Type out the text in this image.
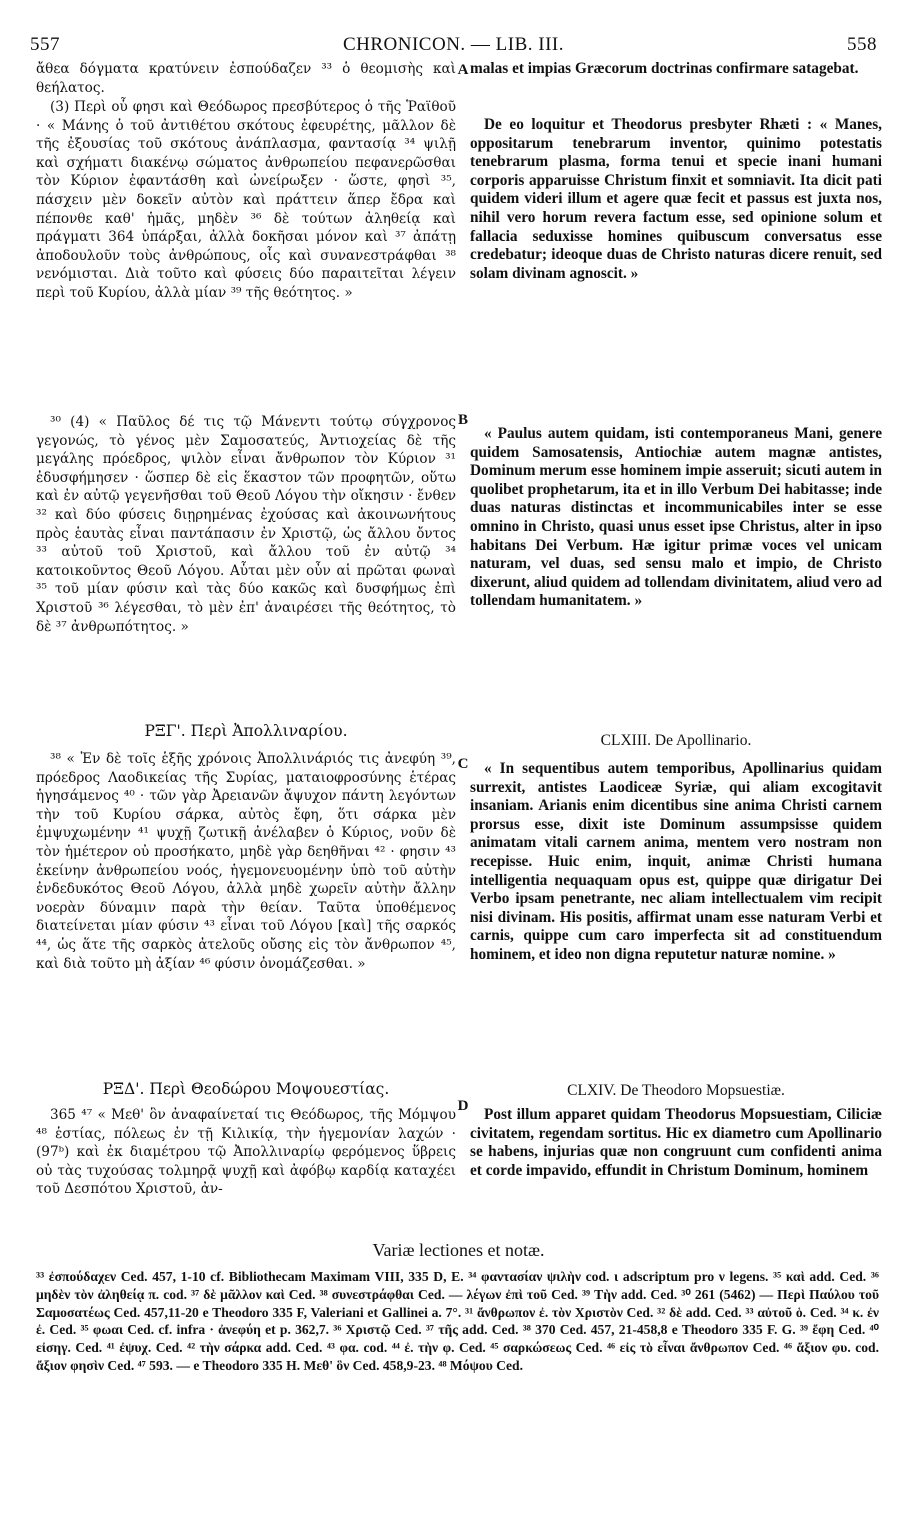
557	CHRONICON. — LIB. III.	558
A
B
C
D

ἄθεα δόγματα κρατύνειν ἐσπούδαζεν ³³ ὁ θεομισὴς καὶ θεήλατος.

(3) Περὶ οὗ φησι καὶ Θεόδωρος πρεσβύτερος ὁ τῆς Ῥαϊθοῦ · « Μάνης ὁ τοῦ ἀντιθέτου σκότους ἐφευρέτης, μᾶλλον δὲ τῆς ἐξουσίας τοῦ σκότους ἀνάπλασμα, φαντασίᾳ ³⁴ ψιλῇ καὶ σχήματι διακένῳ σώματος ἀνθρωπείου πεφανερῶσθαι τὸν Κύριον ἐφαντάσθη καὶ ὠνείρωξεν · ὥστε, φησὶ ³⁵, πάσχειν μὲν δοκεῖν αὐτὸν καὶ πράττειν ἅπερ ἔδρα καὶ πέπονθε καθ' ἡμᾶς, μηδὲν ³⁶ δὲ τούτων ἀληθείᾳ καὶ πράγματι 364 ὑπάρξαι, ἀλλὰ δοκῆσαι μόνον καὶ ³⁷ ἀπάτῃ ἀποδουλοῦν τοὺς ἀνθρώπους, οἷς καὶ συνανεστράφθαι ³⁸ νενόμισται. Διὰ τοῦτο καὶ φύσεις δύο παραιτεῖται λέγειν περὶ τοῦ Κυρίου, ἀλλὰ μίαν ³⁹ τῆς θεότητος. »

³⁰ (4) « Παῦλος δέ τις τῷ Μάνεντι τούτῳ σύγχρονος γεγονώς, τὸ γένος μὲν Σαμοσατεύς, Ἀντιοχείας δὲ τῆς μεγάλης πρόεδρος, ψιλὸν εἶναι ἄνθρωπον τὸν Κύριον ³¹ ἐδυσφήμησεν · ὥσπερ δὲ εἰς ἕκαστον τῶν προφητῶν, οὕτω καὶ ἐν αὐτῷ γεγενῆσθαι τοῦ Θεοῦ Λόγου τὴν οἴκησιν · ἔνθεν ³² καὶ δύο φύσεις διῃρημένας ἐχούσας καὶ ἀκοινωνήτους πρὸς ἑαυτὰς εἶναι παντάπασιν ἐν Χριστῷ, ὡς ἄλλου ὄντος ³³ αὐτοῦ τοῦ Χριστοῦ, καὶ ἄλλου τοῦ ἐν αὐτῷ ³⁴ κατοικοῦντος Θεοῦ Λόγου. Αὗται μὲν οὖν αἱ πρῶται φωναὶ ³⁵ τοῦ μίαν φύσιν καὶ τὰς δύο κακῶς καὶ δυσφήμως ἐπὶ Χριστοῦ ³⁶ λέγεσθαι, τὸ μὲν ἐπ' ἀναιρέσει τῆς θεότητος, τὸ δὲ ³⁷ ἀνθρωπότητος. »

ΡΞΓ'. Περὶ Ἀπολλιναρίου.

³⁸ « Ἐν δὲ τοῖς ἑξῆς χρόνοις Ἀπολλινάριός τις ἀνεφύη ³⁹, πρόεδρος Λαοδικείας τῆς Συρίας, ματαιοφροσύνης ἑτέρας ἡγησάμενος ⁴⁰ · τῶν γὰρ Ἀρειανῶν ἄψυχον πάντη λεγόντων τὴν τοῦ Κυρίου σάρκα, αὐτὸς ἔφη, ὅτι σάρκα μὲν ἐμψυχωμένην ⁴¹ ψυχῇ ζωτικῇ ἀνέλαβεν ὁ Κύριος, νοῦν δὲ τὸν ἡμέτερον οὐ προσήκατο, μηδὲ γὰρ δεηθῆναι ⁴² · φησιν ⁴³ ἐκείνην ἀνθρωπείου νοός, ἡγεμονευομένην ὑπὸ τοῦ αὐτὴν ἐνδεδυκότος Θεοῦ Λόγου, ἀλλὰ μηδὲ χωρεῖν αὐτὴν ἄλλην νοερὰν δύναμιν παρὰ τὴν θείαν. Ταῦτα ὑποθέμενος διατείνεται μίαν φύσιν ⁴³ εἶναι τοῦ Λόγου [καὶ] τῆς σαρκός ⁴⁴, ὡς ἅτε τῆς σαρκὸς ἀτελοῦς οὔσης εἰς τὸν ἄνθρωπον ⁴⁵, καὶ διὰ τοῦτο μὴ ἀξίαν ⁴⁶ φύσιν ὀνομάζεσθαι. »

ΡΞΔ'. Περὶ Θεοδώρου Μοψουεστίας.

365 ⁴⁷ « Μεθ' ὃν ἀναφαίνεταί τις Θεόδωρος, τῆς Μόμψου ⁴⁸ ἑστίας, πόλεως ἐν τῇ Κιλικίᾳ, τὴν ἡγεμονίαν λαχών · (97ᵇ) καὶ ἐκ διαμέτρου τῷ Ἀπολλιναρίῳ φερόμενος ὕβρεις οὐ τὰς τυχούσας τολμηρᾷ ψυχῇ καὶ ἀφόβῳ καρδίᾳ καταχέει τοῦ Δεσπότου Χριστοῦ, ἀν-

malas et impias Græcorum doctrinas confirmare satagebat.

De eo loquitur et Theodorus presbyter Rhæti : « Manes, oppositarum tenebrarum inventor, quinimo potestatis tenebrarum plasma, forma tenui et specie inani humani corporis apparuisse Christum finxit et somniavit. Ita dicit pati quidem videri illum et agere quæ fecit et passus est juxta nos, nihil vero horum revera factum esse, sed opinione solum et fallacia seduxisse homines quibuscum conversatus esse credebatur; ideoque duas de Christo naturas dicere renuit, sed solam divinam agnoscit. »

« Paulus autem quidam, isti contemporaneus Mani, genere quidem Samosatensis, Antiochiæ autem magnæ antistes, Dominum merum esse hominem impie asseruit; sicuti autem in quolibet prophetarum, ita et in illo Verbum Dei habitasse; inde duas naturas distinctas et incommunicabiles inter se esse omnino in Christo, quasi unus esset ipse Christus, alter in ipso habitans Dei Verbum. Hæ igitur primæ voces vel unicam naturam, vel duas, sed sensu malo et impio, de Christo dixerunt, aliud quidem ad tollendam divinitatem, aliud vero ad tollendam humanitatem. »

CLXIII. De Apollinario.

« In sequentibus autem temporibus, Apollinarius quidam surrexit, antistes Laodiceæ Syriæ, qui aliam excogitavit insaniam. Arianis enim dicentibus sine anima Christi carnem prorsus esse, dixit iste Dominum assumpsisse quidem animatam vitali carnem anima, mentem vero nostram non recepisse. Huic enim, inquit, animæ Christi humana intelligentia nequaquam opus est, quippe quæ dirigatur Dei Verbo ipsam penetrante, nec aliam intellectualem vim recipit nisi divinam. His positis, affirmat unam esse naturam Verbi et carnis, quippe cum caro imperfecta sit ad constituendum hominem, et ideo non digna reputetur naturæ nomine. »

CLXIV. De Theodoro Mopsuestiæ.

Post illum apparet quidam Theodorus Mopsuestiam, Ciliciæ civitatem, regendam sortitus. Hic ex diametro cum Apollinario se habens, injurias quæ non congruunt cum confidenti anima et corde impavido, effundit in Christum Dominum, hominem

Variæ lectiones et notæ.
³³ ἐσπούδαχεν Ced. 457, 1-10 cf. Bibliothecam Maximam VIII, 335 D, E. ³⁴ φαντασίαν ψιλὴν cod. ι adscriptum pro ν legens. ³⁵ καὶ add. Ced. ³⁶ μηδὲν τὸν ἀληθείᾳ π. cod. ³⁷ δὲ μᾶλλον καὶ Ced. ³⁸ συνεστράφθαι Ced. — λέγων ἐπὶ τοῦ Ced. ³⁹ Τὴν add. Ced. ³⁰ 261 (5462) — Περὶ Παύλου τοῦ Σαμοσατέως Ced. 457,11-20 e Theodoro 335 F, Valeriani et Gallinei a. 7°. ³¹ ἄνθρωπον ἐ. τὸν Χριστὸν Ced. ³² δὲ add. Ced. ³³ αὐτοῦ ὁ. Ced. ³⁴ κ. ἐν ἐ. Ced. ³⁵ φωαι Ced. cf. infra · ἀνεφύη et p. 362,7. ³⁶ Χριστῷ Ced. ³⁷ τῆς add. Ced. ³⁸ 370 Ced. 457, 21-458,8 e Theodoro 335 F. G. ³⁹ ἔφη Ced. ⁴⁰ εἰσηγ. Ced. ⁴¹ ἐψυχ. Ced. ⁴² τὴν σάρκα add. Ced. ⁴³ φα. cod. ⁴⁴ ἐ. τὴν φ. Ced. ⁴⁵ σαρκώσεως Ced. ⁴⁶ εἰς τὸ εἶναι ἄνθρωπον Ced. ⁴⁶ ἄξιον φυ. cod. ἄξιον φησὶν Ced. ⁴⁷ 593. — e Theodoro 335 H. Μεθ' ὃν Ced. 458,9-23. ⁴⁸ Μόψου Ced.
